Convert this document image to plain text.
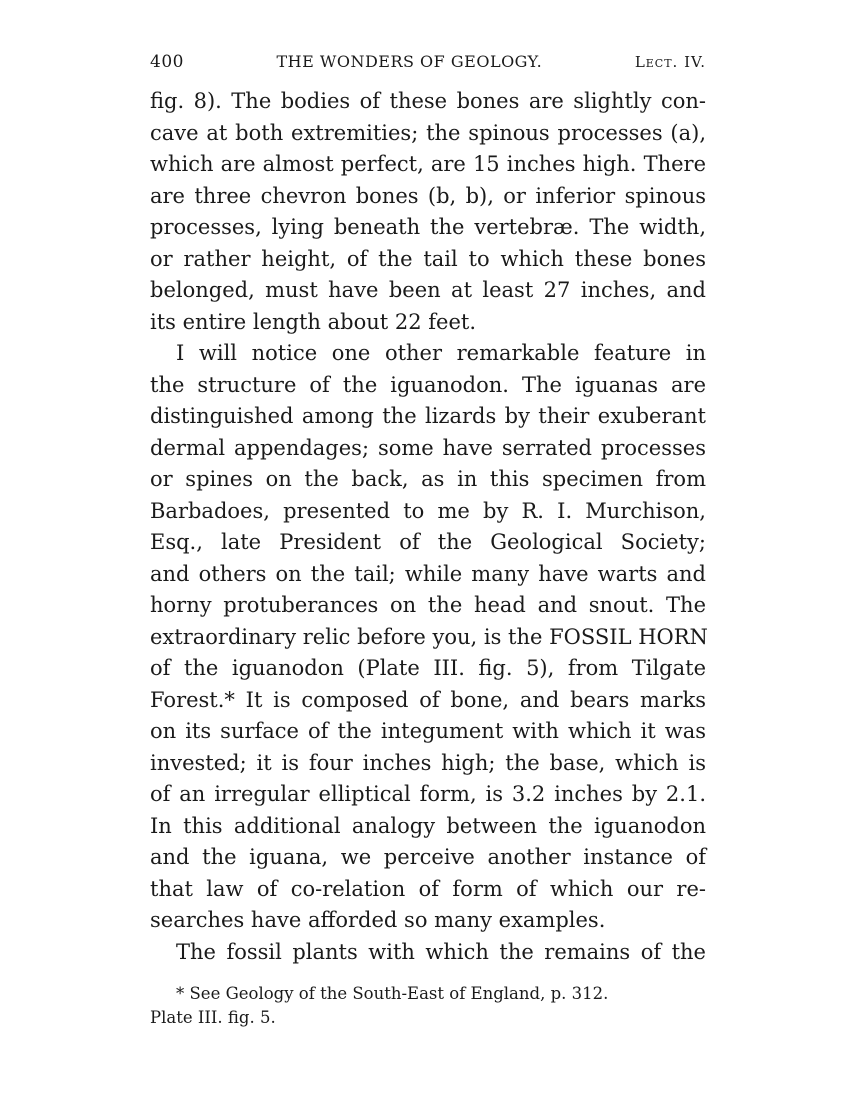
400	THE WONDERS OF GEOLOGY.	Lect. IV.
fig. 8). The bodies of these bones are slightly con-
cave at both extremities; the spinous processes (a),
which are almost perfect, are 15 inches high. There
are three chevron bones (b, b), or inferior spinous
processes, lying beneath the vertebræ. The width,
or rather height, of the tail to which these bones
belonged, must have been at least 27 inches, and
its entire length about 22 feet.
I will notice one other remarkable feature in
the structure of the iguanodon. The iguanas are
distinguished among the lizards by their exuberant
dermal appendages; some have serrated processes
or spines on the back, as in this specimen from
Barbadoes, presented to me by R. I. Murchison,
Esq., late President of the Geological Society;
and others on the tail; while many have warts and
horny protuberances on the head and snout. The
extraordinary relic before you, is the FOSSIL HORN
of the iguanodon (Plate III. fig. 5), from Tilgate
Forest.* It is composed of bone, and bears marks
on its surface of the integument with which it was
invested; it is four inches high; the base, which is
of an irregular elliptical form, is 3.2 inches by 2.1.
In this additional analogy between the iguanodon
and the iguana, we perceive another instance of
that law of co-relation of form of which our re-
searches have afforded so many examples.
The fossil plants with which the remains of the
* See Geology of the South-East of England, p. 312.
Plate III. fig. 5.
